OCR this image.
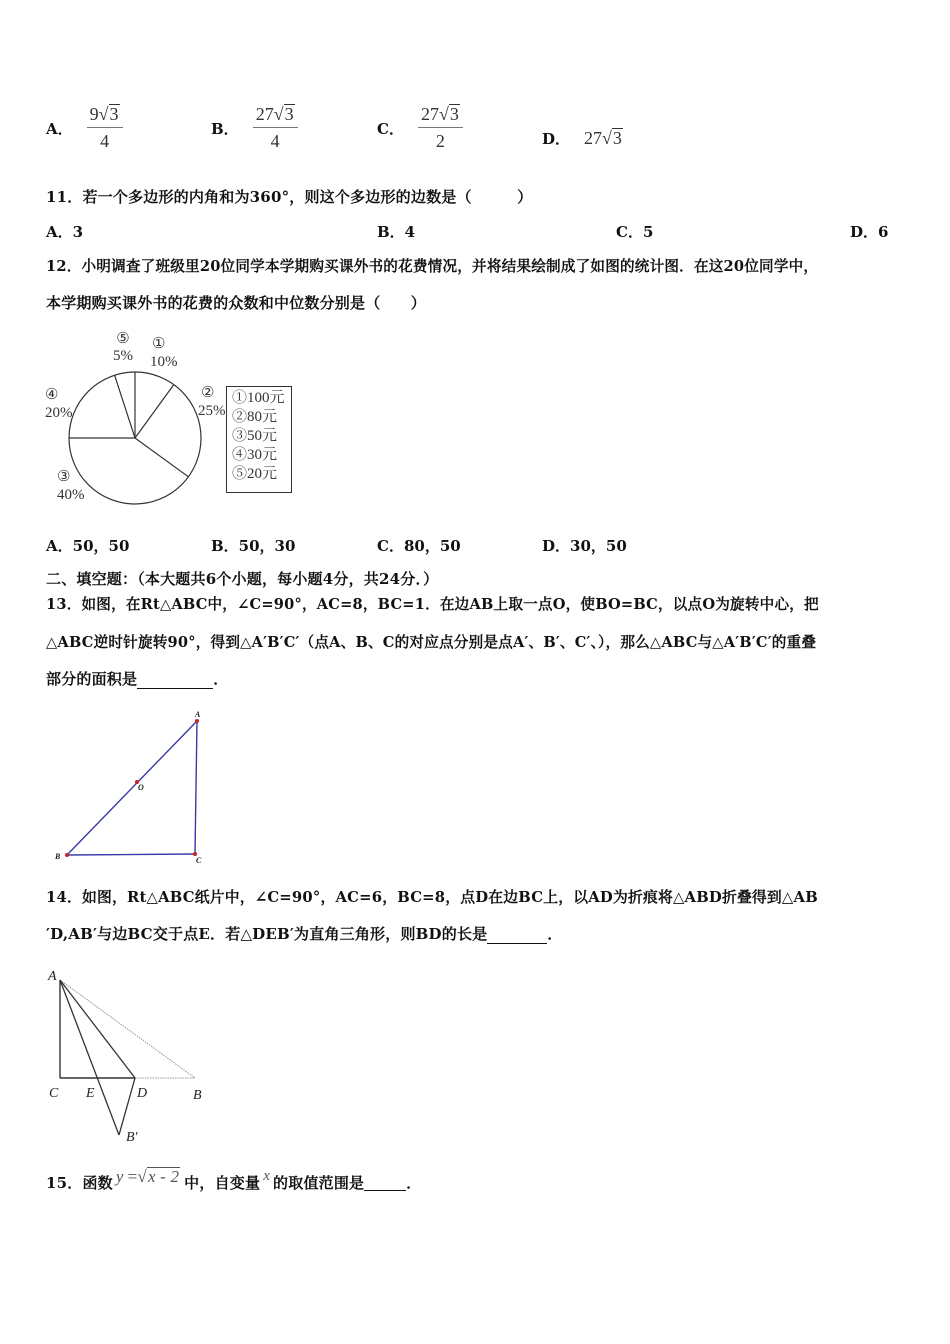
A． $\frac{9 √ 3}{4}$	B． $\frac{27 √ 3}{4}$	C． $\frac{27 √ 3}{2}$	D． 27 √ 3
11．若一个多边形的内角和为360°，则这个多边形的边数是（　　　）
A．3	B．4	C．5	D．6
12．小明调查了班级里20位同学本学期购买课外书的花费情况，并将结果绘制成了如图的统计图．在这20位同学中，
本学期购买课外书的花费的众数和中位数分别是（　　）
⑤
5%
①
10%
②
25%
④
20%
③
40%
①100元
②80元
③50元
④30元
⑤20元
A．50，50	B．50，30	C．80，50	D．30，50
二、填空题：（本大题共6个小题，每小题4分，共24分．）
13．如图，在Rt△ABC中，∠C=90°，AC=8，BC=1．在边AB上取一点O，使BO=BC，以点O为旋转中心，把
△ABC逆时针旋转90°，得到△A′B′C′（点A、B、C的对应点分别是点A′、B′、C′、），那么△ABC与△A′B′C′的重叠
部分的面积是	．
A
B	C
O
14．如图，Rt△ABC纸片中，∠C=90°，AC=6，BC=8，点D在边BC上，以AD为折痕将△ABD折叠得到△AB
′D,AB′与边BC交于点E．若△DEB′为直角三角形，则BD的长是	．
A
C E	D	B
B′
15．函数 y = √ x - 2 中，自变量 x 的取值范围是
	．
